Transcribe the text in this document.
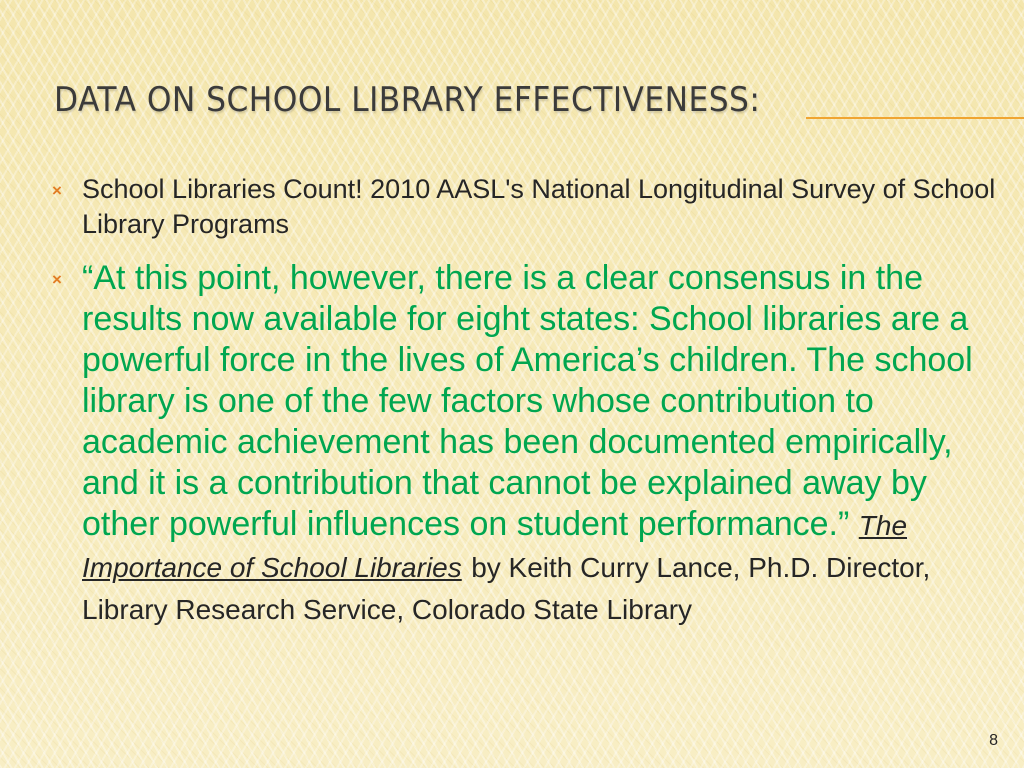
DATA ON SCHOOL LIBRARY EFFECTIVENESS:
× School Libraries Count! 2010 AASL's National Longitudinal Survey of School Library Programs
× “At this point, however, there is a clear consensus in the results now available for eight states: School libraries are a powerful force in the lives of America’s children. The school library is one of the few factors whose contribution to academic achievement has been documented empirically, and it is a contribution that cannot be explained away by other powerful influences on student performance.” The Importance of School Libraries by Keith Curry Lance, Ph.D. Director, Library Research Service, Colorado State Library
8
